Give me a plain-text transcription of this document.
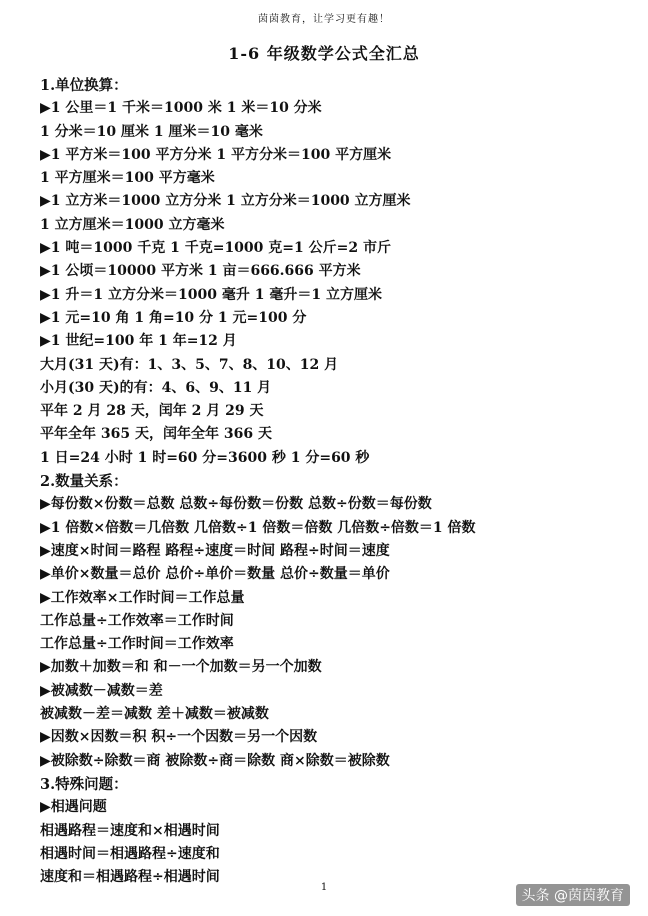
茵茵教育，让学习更有趣！
1-6 年级数学公式全汇总
1.单位换算：
▶1 公里＝1 千米＝1000 米 1 米＝10 分米
1 分米＝10 厘米 1 厘米＝10 毫米
▶1 平方米＝100 平方分米 1 平方分米＝100 平方厘米
1 平方厘米＝100 平方毫米
▶1 立方米＝1000 立方分米 1 立方分米＝1000 立方厘米
1 立方厘米＝1000 立方毫米
▶1 吨＝1000 千克 1 千克=1000 克=1 公斤=2 市斤
▶1 公顷＝10000 平方米 1 亩＝666.666 平方米
▶1 升＝1 立方分米＝1000 毫升 1 毫升＝1 立方厘米
▶1 元=10 角 1 角=10 分 1 元=100 分
▶1 世纪=100 年 1 年=12 月
大月(31 天)有：1、3、5、7、8、10、12 月
小月(30 天)的有：4、6、9、11 月
平年 2 月 28 天，闰年 2 月 29 天
平年全年 365 天，闰年全年 366 天
1 日=24 小时 1 时=60 分=3600 秒 1 分=60 秒
2.数量关系：
▶每份数×份数＝总数 总数÷每份数＝份数 总数÷份数＝每份数
▶1 倍数×倍数＝几倍数 几倍数÷1 倍数＝倍数 几倍数÷倍数＝1 倍数
▶速度×时间＝路程 路程÷速度＝时间 路程÷时间＝速度
▶单价×数量＝总价 总价÷单价＝数量 总价÷数量＝单价
▶工作效率×工作时间＝工作总量
工作总量÷工作效率＝工作时间
工作总量÷工作时间＝工作效率
▶加数＋加数＝和 和－一个加数＝另一个加数
▶被减数－减数＝差
被减数－差＝减数 差＋减数＝被减数
▶因数×因数＝积 积÷一个因数＝另一个因数
▶被除数÷除数＝商 被除数÷商＝除数 商×除数＝被除数
3.特殊问题：
▶相遇问题
相遇路程＝速度和×相遇时间
相遇时间＝相遇路程÷速度和
速度和＝相遇路程÷相遇时间
1
头条 @茵茵教育
